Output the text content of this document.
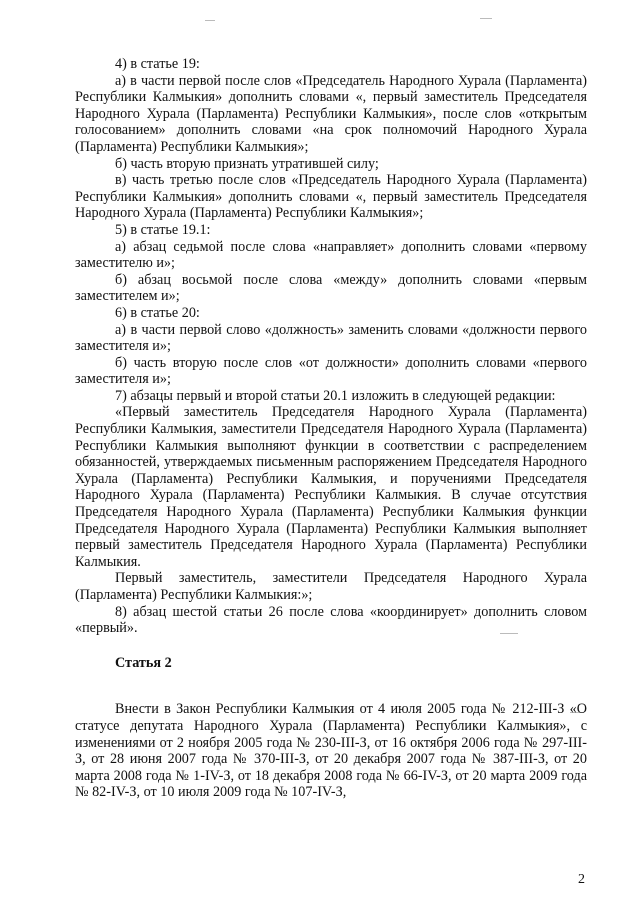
4) в статье 19:

а) в части первой после слов «Председатель Народного Хурала (Парламента) Республики Калмыкия» дополнить словами «, первый заместитель Председателя Народного Хурала (Парламента) Республики Калмыкия», после слов «открытым голосованием» дополнить словами «на срок полномочий Народного Хурала (Парламента) Республики Калмыкия»;

б) часть вторую признать утратившей силу;

в) часть третью после слов «Председатель Народного Хурала (Парламента) Республики Калмыкия» дополнить словами «, первый заместитель Председателя Народного Хурала (Парламента) Республики Калмыкия»;

5) в статье 19.1:

а) абзац седьмой после слова «направляет» дополнить словами «первому заместителю и»;

б) абзац восьмой после слова «между» дополнить словами «первым заместителем и»;

6) в статье 20:

а) в части первой слово «должность» заменить словами «должности первого заместителя и»;

б) часть вторую после слов «от должности» дополнить словами «первого заместителя и»;

7) абзацы первый и второй статьи 20.1 изложить в следующей редакции:

«Первый заместитель Председателя Народного Хурала (Парламента) Республики Калмыкия, заместители Председателя Народного Хурала (Парламента) Республики Калмыкия выполняют функции в соответствии с распределением обязанностей, утверждаемых письменным распоряжением Председателя Народного Хурала (Парламента) Республики Калмыкия, и поручениями Председателя Народного Хурала (Парламента) Республики Калмыкия. В случае отсутствия Председателя Народного Хурала (Парламента) Республики Калмыкия функции Председателя Народного Хурала (Парламента) Республики Калмыкия выполняет первый заместитель Председателя Народного Хурала (Парламента) Республики Калмыкия.

Первый заместитель, заместители Председателя Народного Хурала (Парламента) Республики Калмыкия:»;

8) абзац шестой статьи 26 после слова «координирует» дополнить словом «первый».

Статья 2

Внести в Закон Республики Калмыкия от 4 июля 2005 года № 212-III-З «О статусе депутата Народного Хурала (Парламента) Республики Калмыкия», с изменениями от 2 ноября 2005 года № 230-III-З, от 16 октября 2006 года № 297-III-З, от 28 июня 2007 года № 370-III-З, от 20 декабря 2007 года № 387-III-З, от 20 марта 2008 года № 1-IV-З, от 18 декабря 2008 года № 66-IV-З, от 20 марта 2009 года № 82-IV-З, от 10 июля 2009 года № 107-IV-З,

2
